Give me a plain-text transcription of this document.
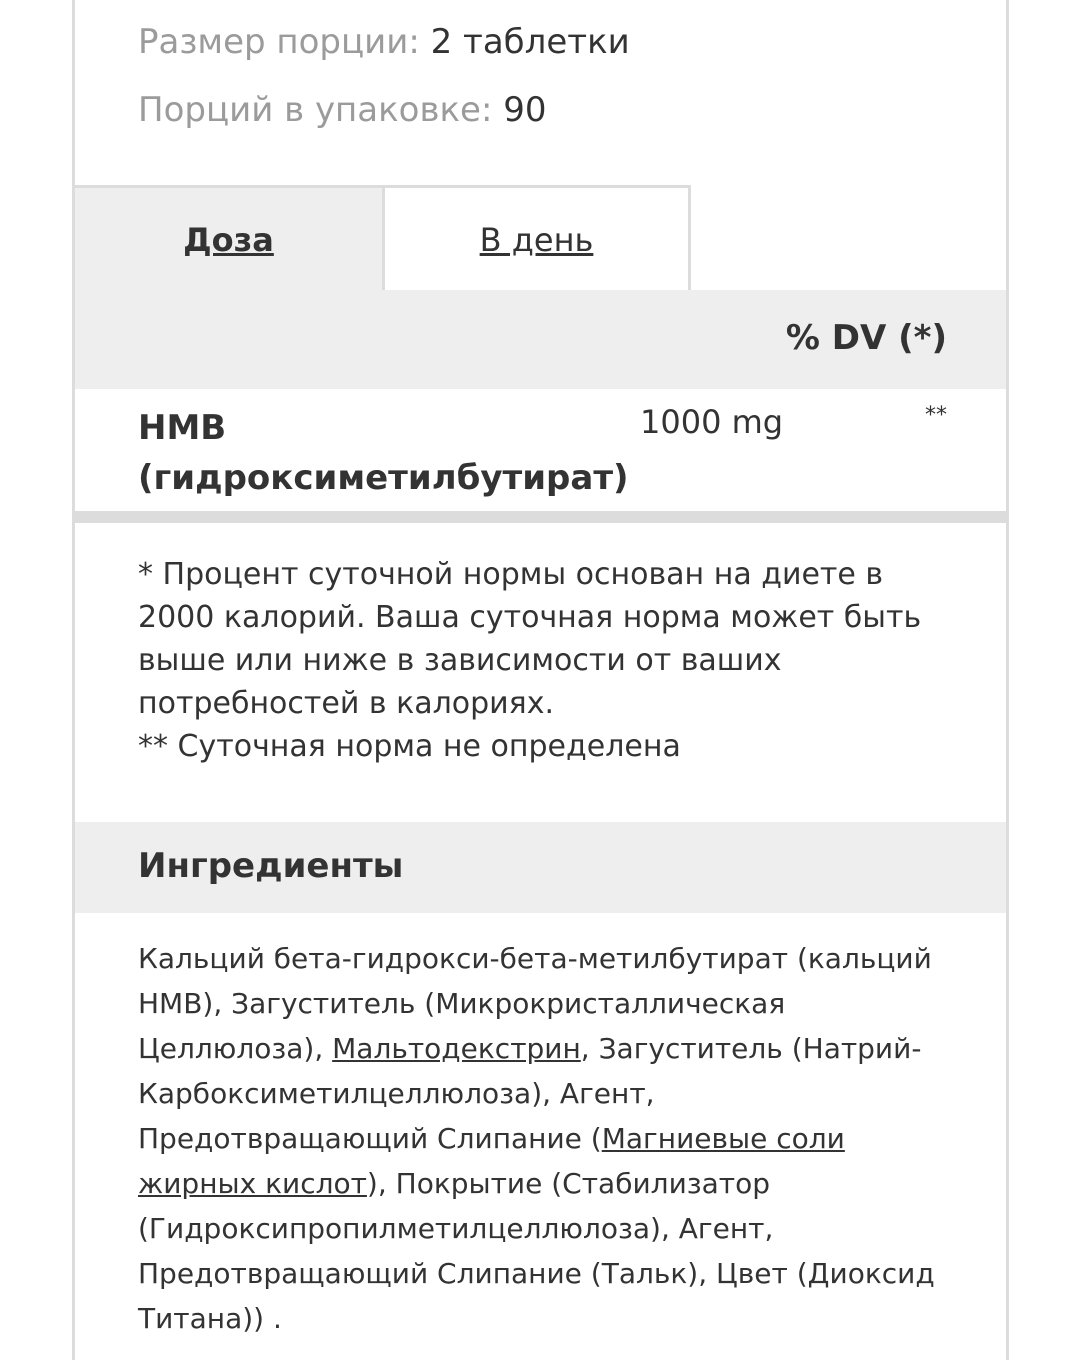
Размер порции: 2 таблетки
Порций в упаковке: 90
Доза	В день
% DV (*)
HMB (гидроксиметилбутират)
1000 mg	**

* Процент суточной нормы основан на диете в 2000 калорий. Ваша суточная норма может быть выше или ниже в зависимости от ваших потребностей в калориях.

** Суточная норма не определена

Ингредиенты
Кальций бета-гидрокси-бета-метилбутират (кальций HMB), Загуститель (Микрокристаллическая Целлюлоза), Мальтодекстрин, Загуститель (Натрий-Карбоксиметилцеллюлоза), Агент, Предотвращающий Слипание (Магниевые соли жирных кислот), Покрытие (Стабилизатор (Гидроксипропилметилцеллюлоза), Агент, Предотвращающий Слипание (Тальк), Цвет (Диоксид Титана)) .
